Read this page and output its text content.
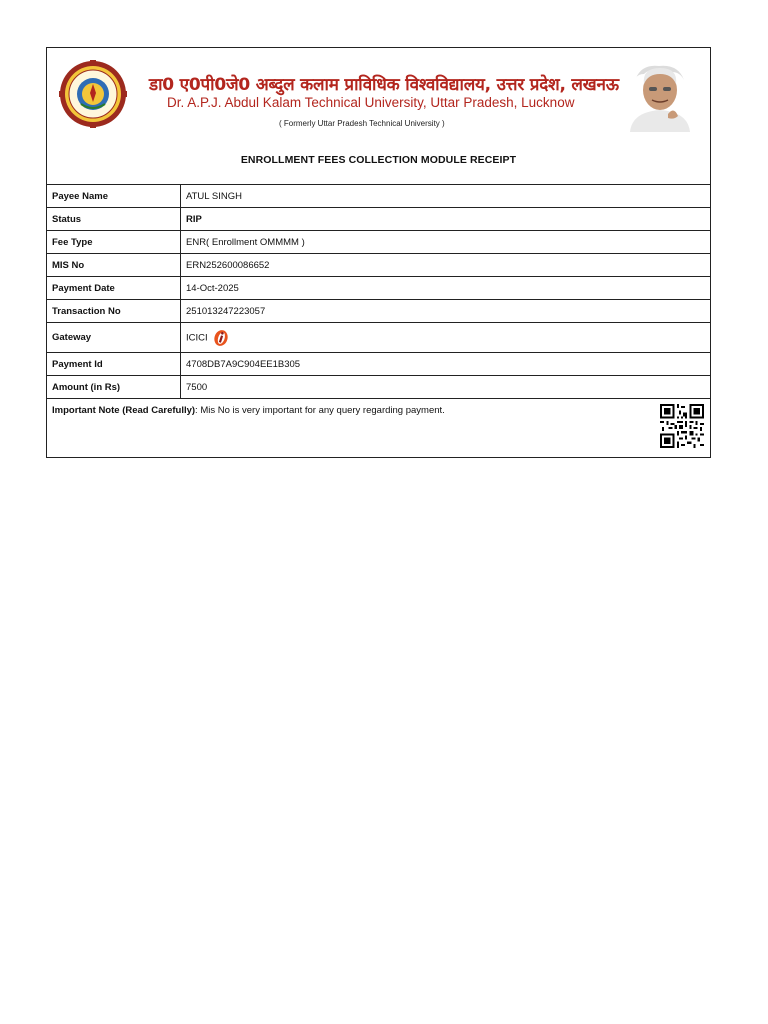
डा0 ए0पी0जे0 अब्दुल कलाम प्राविधिक विश्वविद्यालय, उत्तर प्रदेश, लखनऊ
Dr. A.P.J. Abdul Kalam Technical University, Uttar Pradesh, Lucknow
( Formerly Uttar Pradesh Technical University )
ENROLLMENT FEES COLLECTION MODULE RECEIPT
Payee Name	ATUL SINGH
Status	RIP
Fee Type	ENR( Enrollment OMMMM )
MIS No	ERN252600086652
Payment Date	14-Oct-2025
Transaction No	251013247223057
Gateway	ICICI
Payment Id	4708DB7A9C904EE1B305
Amount (in Rs)	7500
Important Note (Read Carefully): Mis No is very important for any query regarding payment.
